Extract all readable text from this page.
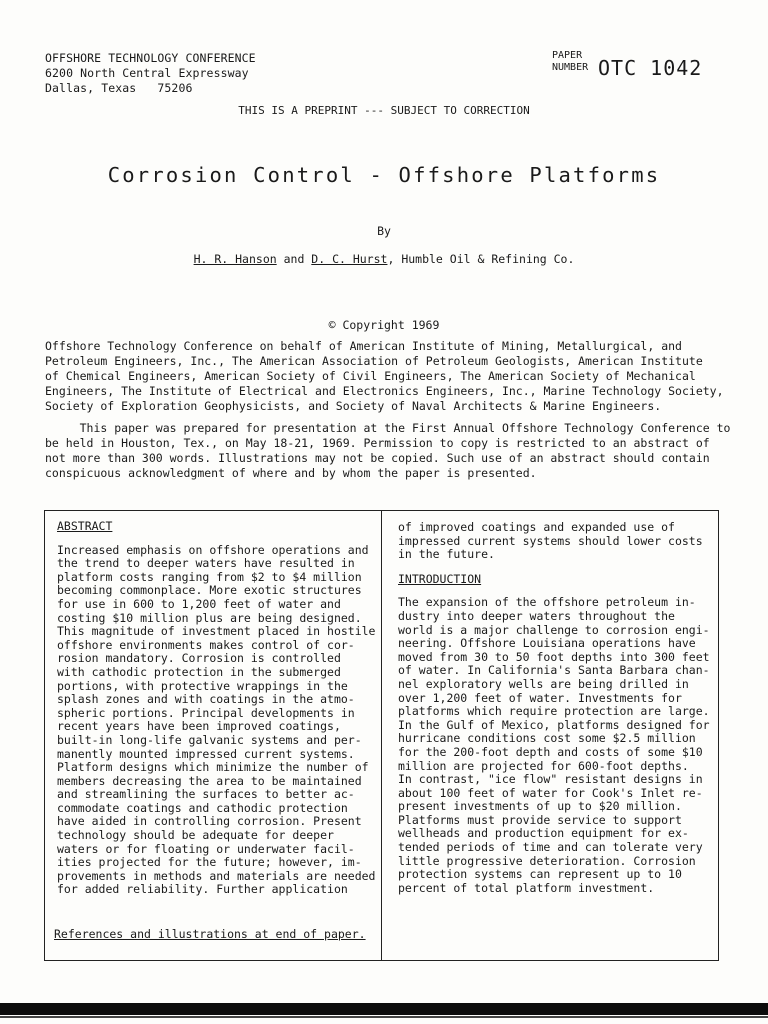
OFFSHORE TECHNOLOGY CONFERENCE
6200 North Central Expressway
Dallas, Texas   75206
PAPER
NUMBER OTC 1042
THIS IS A PREPRINT --- SUBJECT TO CORRECTION
Corrosion Control - Offshore Platforms
By
H. R. Hanson and D. C. Hurst, Humble Oil & Refining Co.
© Copyright 1969
Offshore Technology Conference on behalf of American Institute of Mining, Metallurgical, and
Petroleum Engineers, Inc., The American Association of Petroleum Geologists, American Institute
of Chemical Engineers, American Society of Civil Engineers, The American Society of Mechanical
Engineers, The Institute of Electrical and Electronics Engineers, Inc., Marine Technology Society,
Society of Exploration Geophysicists, and Society of Naval Architects & Marine Engineers.
This paper was prepared for presentation at the First Annual Offshore Technology Conference to
be held in Houston, Tex., on May 18-21, 1969. Permission to copy is restricted to an abstract of
not more than 300 words. Illustrations may not be copied. Such use of an abstract should contain
conspicuous acknowledgment of where and by whom the paper is presented.
ABSTRACT
Increased emphasis on offshore operations and
the trend to deeper waters have resulted in
platform costs ranging from $2 to $4 million
becoming commonplace. More exotic structures
for use in 600 to 1,200 feet of water and
costing $10 million plus are being designed.
This magnitude of investment placed in hostile
offshore environments makes control of cor-
rosion mandatory. Corrosion is controlled
with cathodic protection in the submerged
portions, with protective wrappings in the
splash zones and with coatings in the atmo-
spheric portions. Principal developments in
recent years have been improved coatings,
built-in long-life galvanic systems and per-
manently mounted impressed current systems.
Platform designs which minimize the number of
members decreasing the area to be maintained
and streamlining the surfaces to better ac-
commodate coatings and cathodic protection
have aided in controlling corrosion. Present
technology should be adequate for deeper
waters or for floating or underwater facil-
ities projected for the future; however, im-
provements in methods and materials are needed
for added reliability. Further application
References and illustrations at end of paper.
of improved coatings and expanded use of
impressed current systems should lower costs
in the future.
INTRODUCTION
The expansion of the offshore petroleum in-
dustry into deeper waters throughout the
world is a major challenge to corrosion engi-
neering. Offshore Louisiana operations have
moved from 30 to 50 foot depths into 300 feet
of water. In California's Santa Barbara chan-
nel exploratory wells are being drilled in
over 1,200 feet of water. Investments for
platforms which require protection are large.
In the Gulf of Mexico, platforms designed for
hurricane conditions cost some $2.5 million
for the 200-foot depth and costs of some $10
million are projected for 600-foot depths.
In contrast, "ice flow" resistant designs in
about 100 feet of water for Cook's Inlet re-
present investments of up to $20 million.
Platforms must provide service to support
wellheads and production equipment for ex-
tended periods of time and can tolerate very
little progressive deterioration. Corrosion
protection systems can represent up to 10
percent of total platform investment.
